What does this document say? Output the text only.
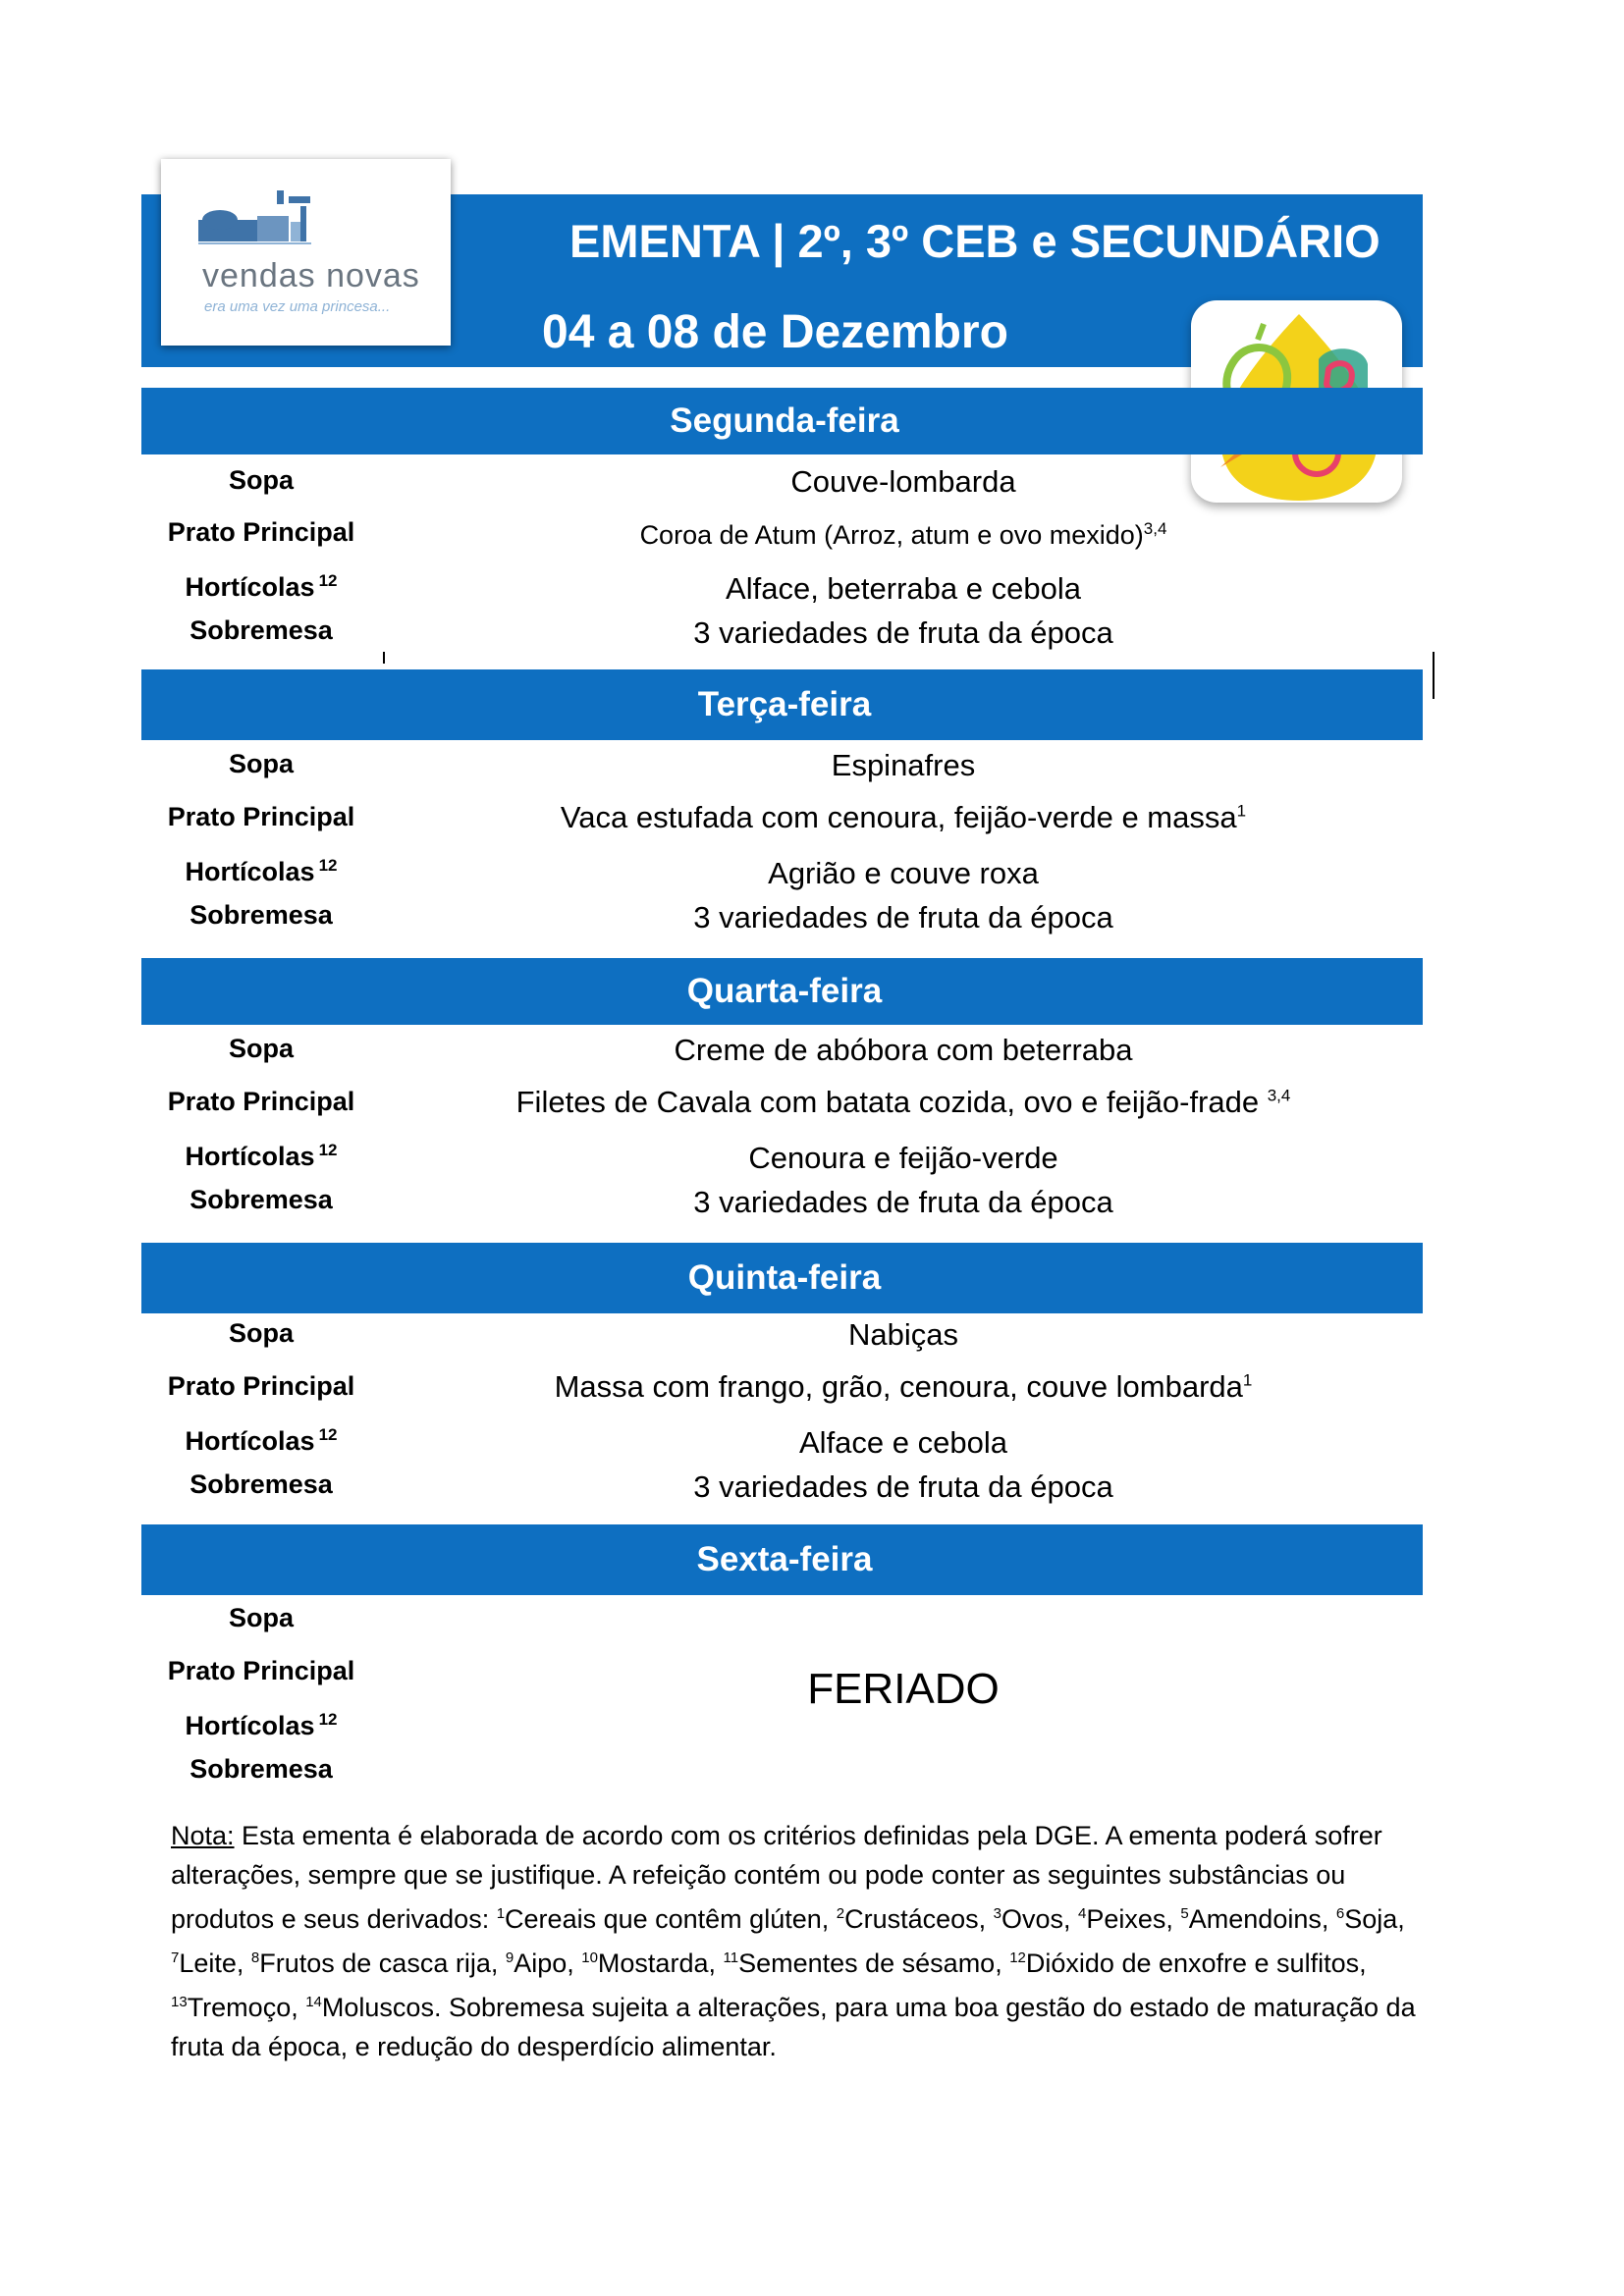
EMENTA | 2º, 3º CEB e SECUNDÁRIO
04 a 08 de Dezembro
vendas novas
era uma vez uma princesa...
Segunda-feira
Sopa
Prato Principal
Hortícolas $^{12}$
Sobremesa
Couve-lombarda
Coroa de Atum (Arroz, atum e ovo mexido)$^{3,4}$
Alface, beterraba e cebola
3 variedades de fruta da época
Terça-feira
Sopa
Prato Principal
Hortícolas $^{12}$
Sobremesa
Espinafres
Vaca estufada com cenoura, feijão-verde e massa$^1$
Agrião e couve roxa
3 variedades de fruta da época
Quarta-feira
Sopa
Prato Principal
Hortícolas $^{12}$
Sobremesa
Creme de abóbora com beterraba
Filetes de Cavala com batata cozida, ovo e feijão-frade $^{3,4}$
Cenoura e feijão-verde
3 variedades de fruta da época
Quinta-feira
Sopa
Prato Principal
Hortícolas $^{12}$
Sobremesa
Nabiças
Massa com frango, grão, cenoura, couve lombarda$^1$
Alface e cebola
3 variedades de fruta da época
Sexta-feira
Sopa
Prato Principal
Hortícolas $^{12}$
Sobremesa
FERIADO
Nota: Esta ementa é elaborada de acordo com os critérios definidas pela DGE. A ementa poderá sofrer alterações, sempre que se justifique. A refeição contém ou pode conter as seguintes substâncias ou produtos e seus derivados: $^1$Cereais que contêm glúten, $^2$Crustáceos, $^3$Ovos, $^4$Peixes, $^5$Amendoins, $^6$Soja, $^7$Leite, $^8$Frutos de casca rija, $^9$Aipo, $^{10}$Mostarda, $^{11}$Sementes de sésamo, $^{12}$Dióxido de enxofre e sulfitos, $^{13}$Tremoço, $^{14}$Moluscos. Sobremesa sujeita a alterações, para uma boa gestão do estado de maturação da fruta da época, e redução do desperdício alimentar.
